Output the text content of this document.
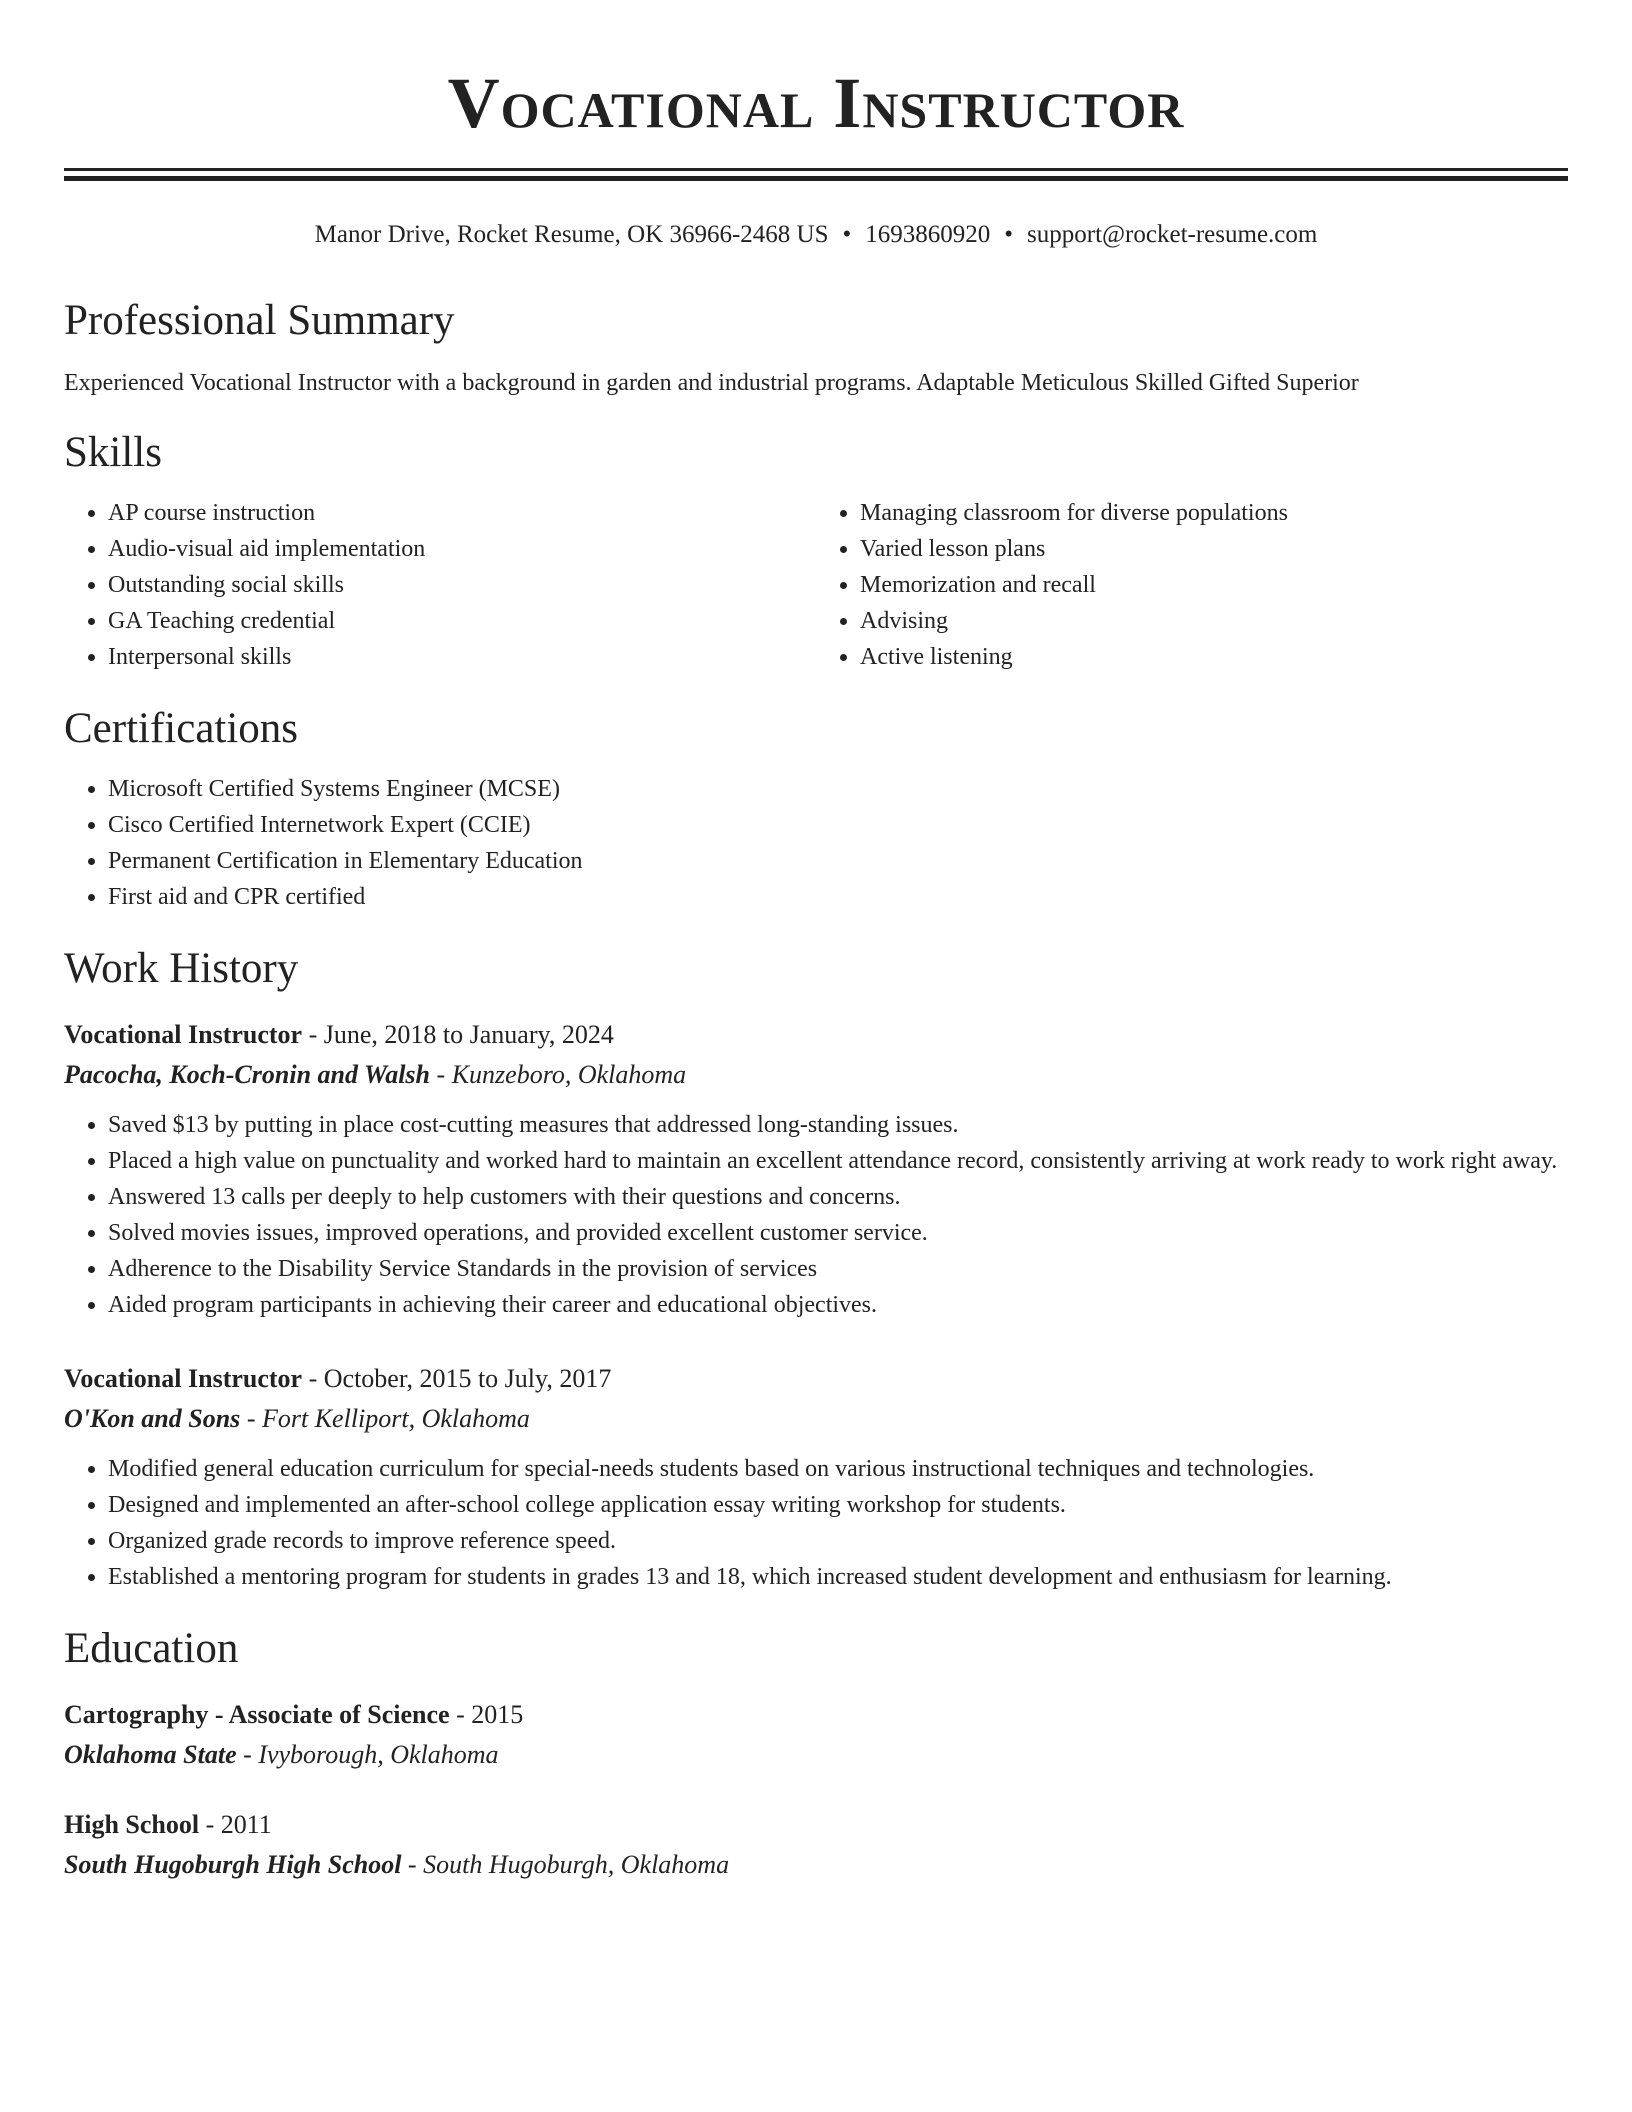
Vocational Instructor
Manor Drive, Rocket Resume, OK 36966-2468 US • 1693860920 • support@rocket-resume.com
Professional Summary
Experienced Vocational Instructor with a background in garden and industrial programs. Adaptable Meticulous Skilled Gifted Superior
Skills
• AP course instruction
• Audio-visual aid implementation
• Outstanding social skills
• GA Teaching credential
• Interpersonal skills
• Managing classroom for diverse populations
• Varied lesson plans
• Memorization and recall
• Advising
• Active listening
Certifications
• Microsoft Certified Systems Engineer (MCSE)
• Cisco Certified Internetwork Expert (CCIE)
• Permanent Certification in Elementary Education
• First aid and CPR certified
Work History
Vocational Instructor - June, 2018 to January, 2024
Pacocha, Koch-Cronin and Walsh - Kunzeboro, Oklahoma
• Saved $13 by putting in place cost-cutting measures that addressed long-standing issues.
• Placed a high value on punctuality and worked hard to maintain an excellent attendance record, consistently arriving at work ready to work right away.
• Answered 13 calls per deeply to help customers with their questions and concerns.
• Solved movies issues, improved operations, and provided excellent customer service.
• Adherence to the Disability Service Standards in the provision of services
• Aided program participants in achieving their career and educational objectives.
Vocational Instructor - October, 2015 to July, 2017
O'Kon and Sons - Fort Kelliport, Oklahoma
• Modified general education curriculum for special-needs students based on various instructional techniques and technologies.
• Designed and implemented an after-school college application essay writing workshop for students.
• Organized grade records to improve reference speed.
• Established a mentoring program for students in grades 13 and 18, which increased student development and enthusiasm for learning.
Education
Cartography - Associate of Science - 2015
Oklahoma State - Ivyborough, Oklahoma
High School - 2011
South Hugoburgh High School - South Hugoburgh, Oklahoma
